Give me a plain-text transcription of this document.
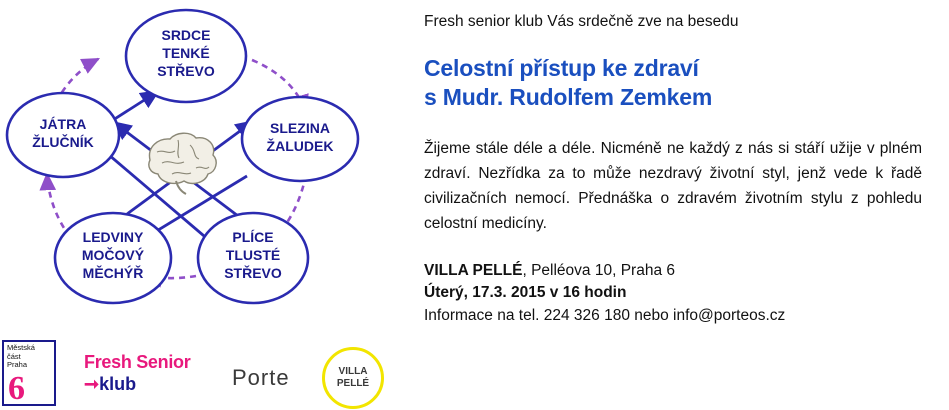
SRDCE
TENKÉ
STŘEVO
SLEZINA
ŽALUDEK
PLÍCE
TLUSTÉ
STŘEVO
LEDVINY
MOČOVÝ
MĚCHÝŘ
JÁTRA
ŽLUČNÍK
Městská
část
Praha
6
Fresh Senior
➞klub	Porte	VILLA
PELLÉ
Fresh senior klub Vás srdečně zve na besedu
Celostní přístup ke zdraví
s Mudr. Rudolfem Zemkem
Žijeme stále déle a déle. Nicméně ne každý z nás si stáří užije v plném zdraví. Nezřídka za to může nezdravý životní styl, jenž vede k řadě civilizačních nemocí. Přednáška o zdravém životním stylu z pohledu celostní medicíny.
VILLA PELLÉ, Pelléova 10, Praha 6
Úterý, 17.3. 2015 v 16 hodin
Informace na tel. 224 326 180 nebo info@porteos.cz
